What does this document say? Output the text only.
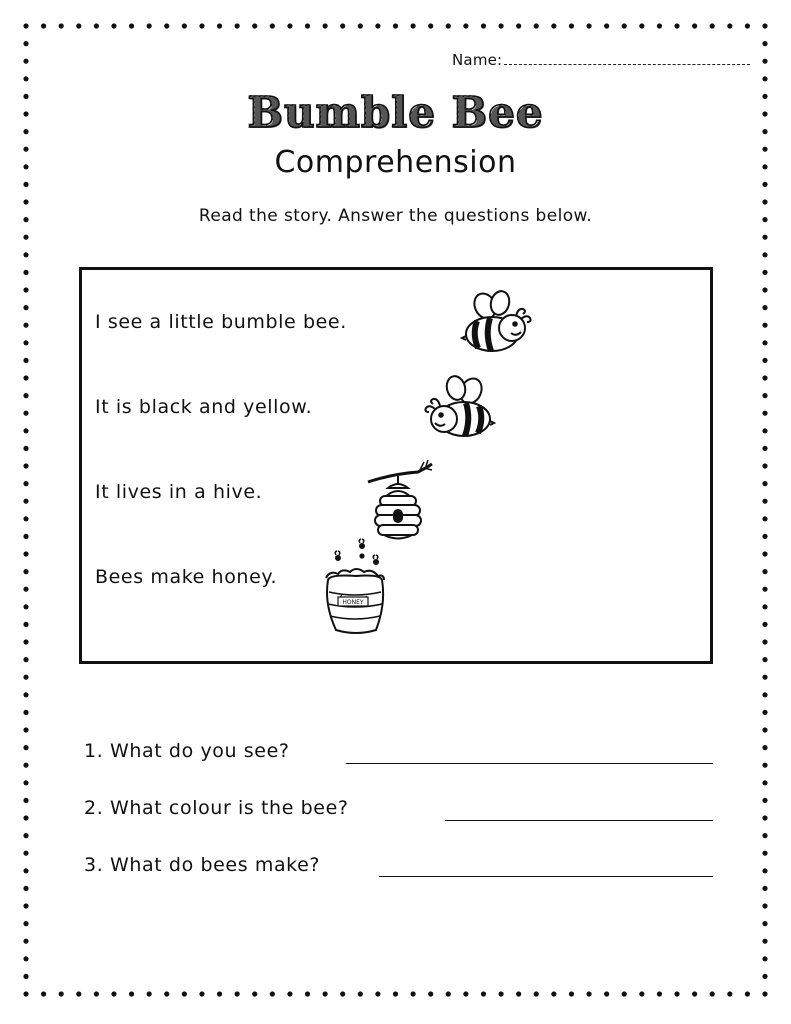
Name:
Bumble Bee
Comprehension
Read the story. Answer the questions below.
I see a little bumble bee.
It is black and yellow.
It lives in a hive.
Bees make honey.
HONEY
1. What do you see?
2. What colour is the bee?
3. What do bees make?
